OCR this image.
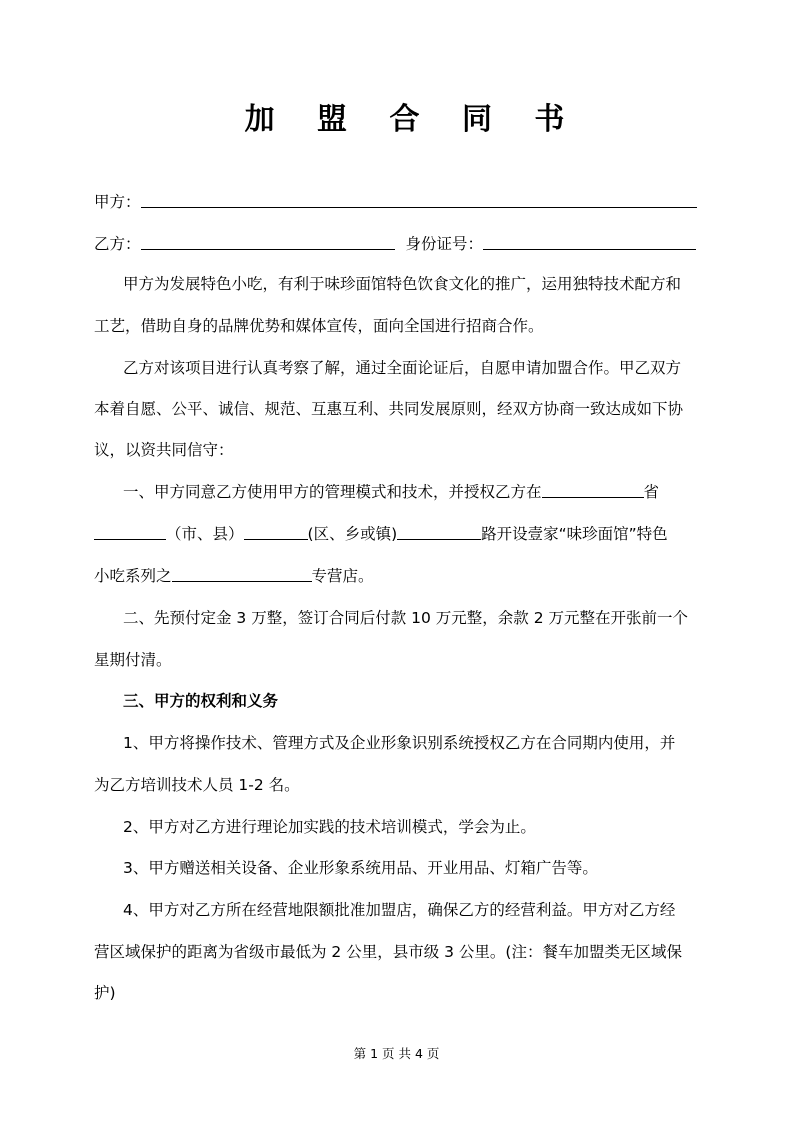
加 盟 合 同 书
甲方：
乙方：	身份证号：
甲方为发展特色小吃，有利于味珍面馆特色饮食文化的推广，运用独特技术配方和
工艺，借助自身的品牌优势和媒体宣传，面向全国进行招商合作。
乙方对该项目进行认真考察了解，通过全面论证后，自愿申请加盟合作。甲乙双方
本着自愿、公平、诚信、规范、互惠互利、共同发展原则，经双方协商一致达成如下协
议，以资共同信守：
一、甲方同意乙方使用甲方的管理模式和技术，并授权乙方在	省
（市、县）	(区、乡或镇)	路开设壹家“味珍面馆”特色
小吃系列之	专营店。
二、先预付定金 3 万整，签订合同后付款 10 万元整，余款 2 万元整在开张前一个
星期付清。
三、甲方的权利和义务
1、甲方将操作技术、管理方式及企业形象识别系统授权乙方在合同期内使用，并
为乙方培训技术人员 1-2 名。
2、甲方对乙方进行理论加实践的技术培训模式，学会为止。
3、甲方赠送相关设备、企业形象系统用品、开业用品、灯箱广告等。
4、甲方对乙方所在经营地限额批准加盟店，确保乙方的经营利益。甲方对乙方经
营区域保护的距离为省级市最低为 2 公里，县市级 3 公里。(注：餐车加盟类无区域保
护)
第 1 页 共 4 页
